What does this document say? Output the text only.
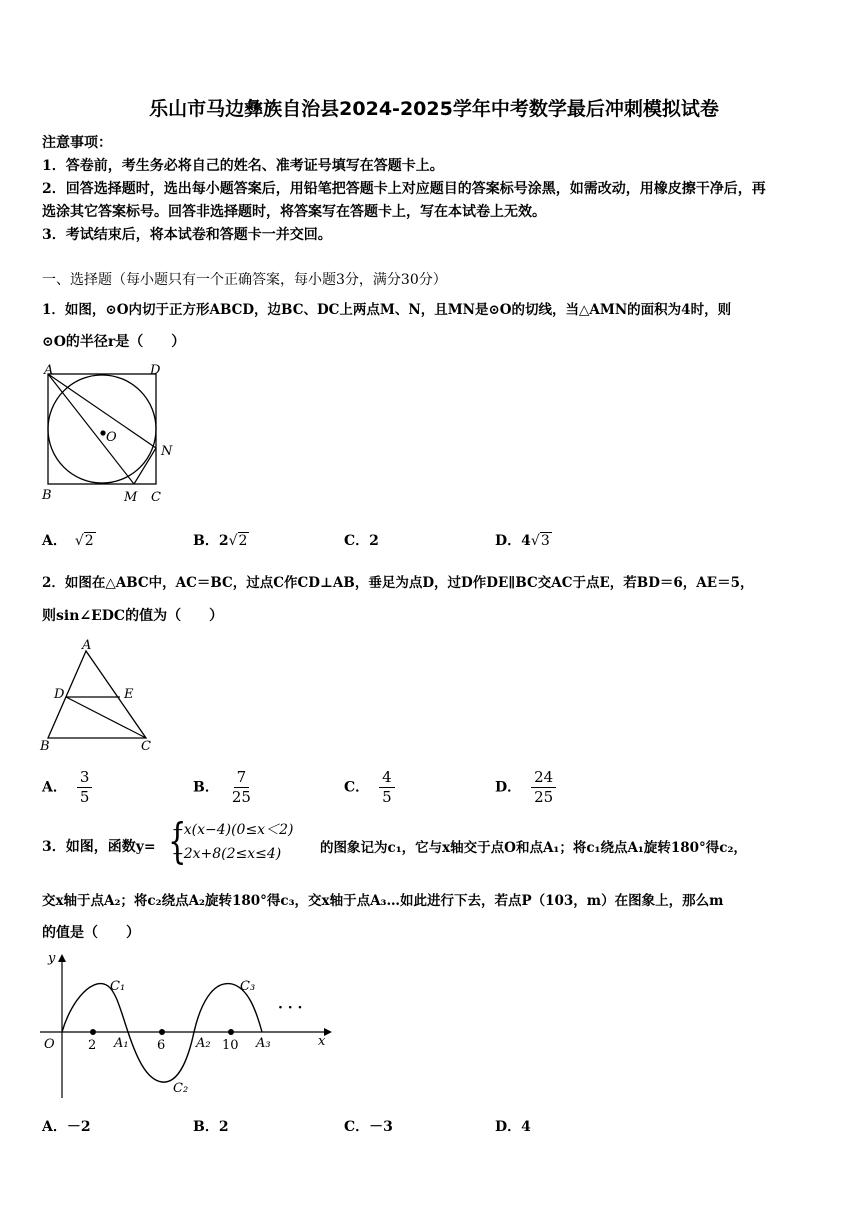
乐山市马边彝族自治县2024-2025学年中考数学最后冲刺模拟试卷
注意事项：
1．答卷前，考生务必将自己的姓名、准考证号填写在答题卡上。
2．回答选择题时，选出每小题答案后，用铅笔把答题卡上对应题目的答案标号涂黑，如需改动，用橡皮擦干净后，再
选涂其它答案标号。回答非选择题时，将答案写在答题卡上，写在本试卷上无效。
3．考试结束后，将本试卷和答题卡一并交回。
一、选择题（每小题只有一个正确答案，每小题3分，满分30分）
1．如图，⊙O内切于正方形ABCD，边BC、DC上两点M、N，且MN是⊙O的切线，当△AMN的面积为4时，则
⊙O的半径r是（　　）
A	D
O
N
B	M C
A． √2	B．2√2	C．2	D．4√3
2．如图在△ABC中，AC＝BC，过点C作CD⊥AB，垂足为点D，过D作DE∥BC交AC于点E，若BD＝6，AE＝5，
则sin∠EDC的值为（　　）
A
D	E
B	C
A． $\frac{3}{5}$	B． $\frac{7}{25}$	C． $\frac{4}{5}$	D． $\frac{24}{25}$
3．如图，函数y= {
−x(x−4)(0≤x＜2)
−2x+8(2≤x≤4)	的图象记为c₁，它与x轴交于点O和点A₁；将c₁绕点A₁旋转180°得c₂，
交x轴于点A₂；将c₂绕点A₂旋转180°得c₃，交x轴于点A₃…如此进行下去，若点P（103，m）在图象上，那么m
的值是（　　）
y
x
O	2 A₁ 6 A₂ 10 A₃
C₁
C₂
C₃
· · ·
A．－2	B．2	C．－3	D．4
